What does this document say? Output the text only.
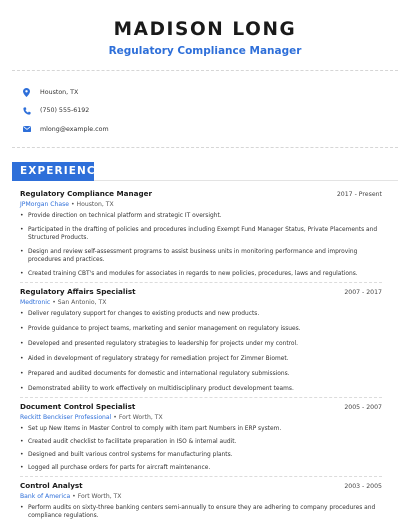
MADISON LONG
Regulatory Compliance Manager
Houston, TX
(750) 555-6192
mlong@example.com
EXPERIENCE
Regulatory Compliance Manager	2017 - Present
JPMorgan Chase • Houston, TX
• Provide direction on technical platform and strategic IT oversight.
• Participated in the drafting of policies and procedures including Exempt Fund Manager Status, Private Placements and Structured Products.
• Design and review self-assessment programs to assist business units in monitoring performance and improving procedures and practices.
• Created training CBT's and modules for associates in regards to new policies, procedures, laws and regulations.
Regulatory Affairs Specialist	2007 - 2017
Medtronic • San Antonio, TX
• Deliver regulatory support for changes to existing products and new products.
• Provide guidance to project teams, marketing and senior management on regulatory issues.
• Developed and presented regulatory strategies to leadership for projects under my control.
• Aided in development of regulatory strategy for remediation project for Zimmer Biomet.
• Prepared and audited documents for domestic and international regulatory submissions.
• Demonstrated ability to work effectively on multidisciplinary product development teams.
Document Control Specialist	2005 - 2007
Reckitt Benckiser Professional • Fort Worth, TX
• Set up New Items in Master Control to comply with item part Numbers in ERP system.
• Created audit checklist to facilitate preparation in ISO & internal audit.
• Designed and built various control systems for manufacturing plants.
• Logged all purchase orders for parts for aircraft maintenance.
Control Analyst	2003 - 2005
Bank of America • Fort Worth, TX
• Perform audits on sixty-three banking centers semi-annually to ensure they are adhering to company procedures and compliance regulations.
